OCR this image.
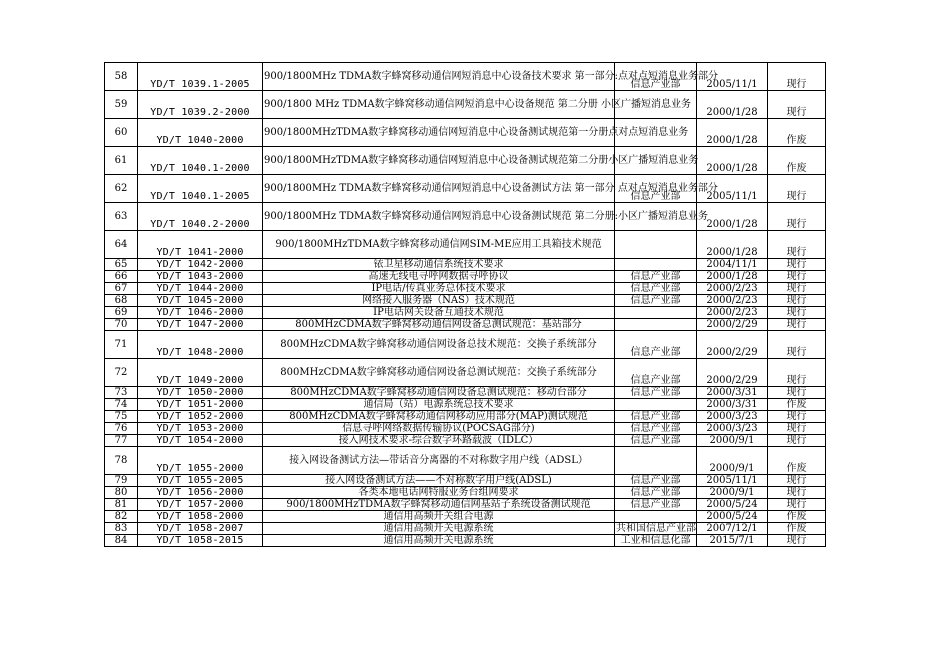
58	YD/T 1039.1-2005	900/1800MHz TDMA数字蜂窝移动通信网短消息中心设备技术要求 第一部分:点对点短消息业务部分	信息产业部	2005/11/1	现行
59	YD/T 1039.2-2000	900/1800 MHz TDMA数字蜂窝移动通信网短消息中心设备规范 第二分册 小区广播短消息业务		2000/1/28	现行
60	YD/T 1040-2000	900/1800MHzTDMA数字蜂窝移动通信网短消息中心设备测试规范第一分册点对点短消息业务		2000/1/28	作废
61	YD/T 1040.1-2000	900/1800MHzTDMA数字蜂窝移动通信网短消息中心设备测试规范第二分册小区广播短消息业务		2000/1/28	作废
62	YD/T 1040.1-2005	900/1800MHz TDMA数字蜂窝移动通信网短消息中心设备测试方法 第一部分 点对点短消息业务部分	信息产业部	2005/11/1	现行
63	YD/T 1040.2-2000	900/1800MHz TDMA数字蜂窝移动通信网短消息中心设备测试规范 第二分册:小区广播短消息业务		2000/1/28	现行
64	YD/T 1041-2000	900/1800MHzTDMA数字蜂窝移动通信网SIM-ME应用工具箱技术规范		2000/1/28	现行
65	YD/T 1042-2000	铱卫星移动通信系统技术要求		2004/11/1	现行
66	YD/T 1043-2000	高速无线电寻呼网数据寻呼协议	信息产业部	2000/1/28	现行
67	YD/T 1044-2000	IP电话/传真业务总体技术要求	信息产业部	2000/2/23	现行
68	YD/T 1045-2000	网络接入服务器（NAS）技术规范	信息产业部	2000/2/23	现行
69	YD/T 1046-2000	IP电话网关设备互通技术规范		2000/2/23	现行
70	YD/T 1047-2000	800MHzCDMA数字蜂窝移动通信网设备总测试规范：基站部分		2000/2/29	现行
71	YD/T 1048-2000	800MHzCDMA数字蜂窝移动通信网设备总技术规范：交换子系统部分	信息产业部	2000/2/29	现行
72	YD/T 1049-2000	800MHzCDMA数字蜂窝移动通信网设备总测试规范：交换子系统部分	信息产业部	2000/2/29	现行
73	YD/T 1050-2000	800MHzCDMA数字蜂窝移动通信网设备总测试规范：移动台部分	信息产业部	2000/3/31	现行
74	YD/T 1051-2000	通信局（站）电源系统总技术要求		2000/3/31	作废
75	YD/T 1052-2000	800MHzCDMA数字蜂窝移动通信网移动应用部分(MAP)测试规范	信息产业部	2000/3/23	现行
76	YD/T 1053-2000	信息寻呼网络数据传输协议(POCSAG部分)	信息产业部	2000/3/23	现行
77	YD/T 1054-2000	接入网技术要求-综合数字环路载波（IDLC）	信息产业部	2000/9/1	现行
78	YD/T 1055-2000	接入网设备测试方法—带话音分离器的不对称数字用户线（ADSL）		2000/9/1	作废
79	YD/T 1055-2005	接入网设备测试方法——不对称数字用户线(ADSL)	信息产业部	2005/11/1	现行
80	YD/T 1056-2000	各类本地电话网特服业务台组网要求	信息产业部	2000/9/1	现行
81	YD/T 1057-2000	900/1800MHzTDMA数字蜂窝移动通信网基站子系统设备测试规范	信息产业部	2000/5/24	现行
82	YD/T 1058-2000	通信用高频开关组合电源		2000/5/24	作废
83	YD/T 1058-2007	通信用高频开关电源系统	共和国信息产业部	2007/12/1	作废
84	YD/T 1058-2015	通信用高频开关电源系统	工业和信息化部	2015/7/1	现行
